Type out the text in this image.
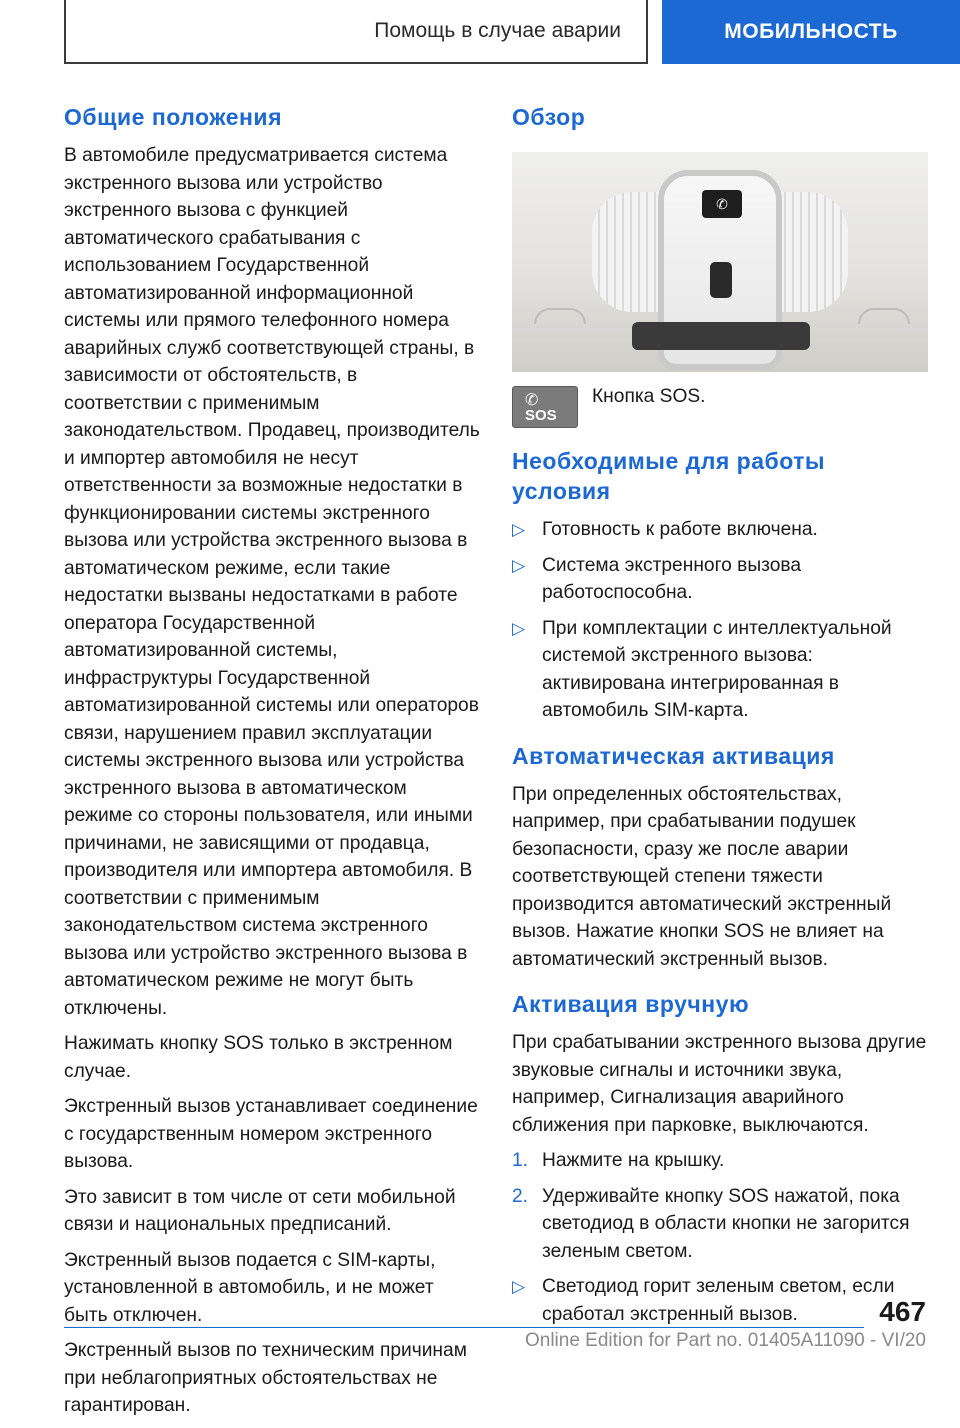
Помощь в случае аварии	МОБИЛЬНОСТЬ
Общие положения

В автомобиле предусматривается система экстренного вызова или устройство экстренного вызова с функцией автоматического срабатывания с использованием Государственной автоматизированной информационной системы или прямого телефонного номера аварийных служб соответствующей страны, в зависимости от обстоятельств, в соответствии с применимым законодательством. Продавец, производитель и импортер автомобиля не несут ответственности за возможные недостатки в функционировании системы экстренного вызова или устройства экстренного вызова в автоматическом режиме, если такие недостатки вызваны недостатками в работе оператора Государственной автоматизированной системы, инфраструктуры Государственной автоматизированной системы или операторов связи, нарушением правил эксплуатации системы экстренного вызова или устройства экстренного вызова в автоматическом режиме со стороны пользователя, или иными причинами, не зависящими от продавца, производителя или импортера автомобиля. В соответствии с применимым законодательством система экстренного вызова или устройство экстренного вызова в автоматическом режиме не могут быть отключены.

Нажимать кнопку SOS только в экстренном случае.

Экстренный вызов устанавливает соединение с государственным номером экстренного вызова.

Это зависит в том числе от сети мобильной связи и национальных предписаний.

Экстренный вызов подается с SIM-карты, установленной в автомобиль, и не может быть отключен.

Экстренный вызов по техническим причинам при неблагоприятных обстоятельствах не гарантирован.

Обзор
✆
✆
SOS
Кнопка SOS.
Необходимые для работы условия
▷ Готовность к работе включена.
▷ Система экстренного вызова работоспособна.
▷ При комплектации с интеллектуальной системой экстренного вызова: активирована интегрированная в автомобиль SIM-карта.
Автоматическая активация

При определенных обстоятельствах, например, при срабатывании подушек безопасности, сразу же после аварии соответствующей степени тяжести производится автоматический экстренный вызов. Нажатие кнопки SOS не влияет на автоматический экстренный вызов.

Активация вручную

При срабатывании экстренного вызова другие звуковые сигналы и источники звука, например, Сигнализация аварийного сближения при парковке, выключаются.

1. Нажмите на крышку.
2. Удерживайте кнопку SOS нажатой, пока светодиод в области кнопки не загорится зеленым светом.
▷ Светодиод горит зеленым светом, если сработал экстренный вызов.	467
Online Edition for Part no. 01405A11090 - VI/20
